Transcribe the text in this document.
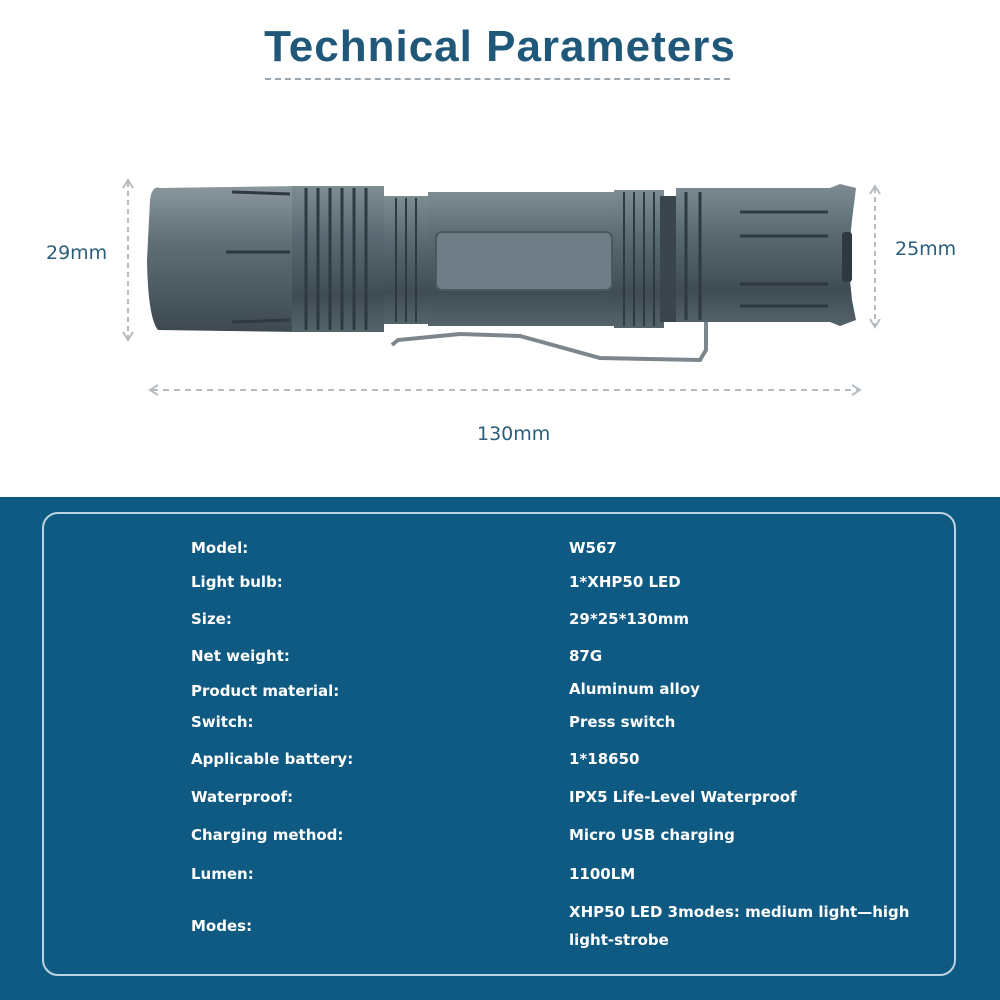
Technical Parameters
29mm	25mm
130mm
Model:	W567
Light bulb:	1*XHP50 LED
Size:	29*25*130mm
Net weight:	87G
Product material:	Aluminum alloy
Switch:	Press switch
Applicable battery:	1*18650
Waterproof:	IPX5 Life-Level Waterproof
Charging method:	Micro USB charging
Lumen:	1100LM
Modes:
XHP50 LED 3modes: medium light—high light-strobe
